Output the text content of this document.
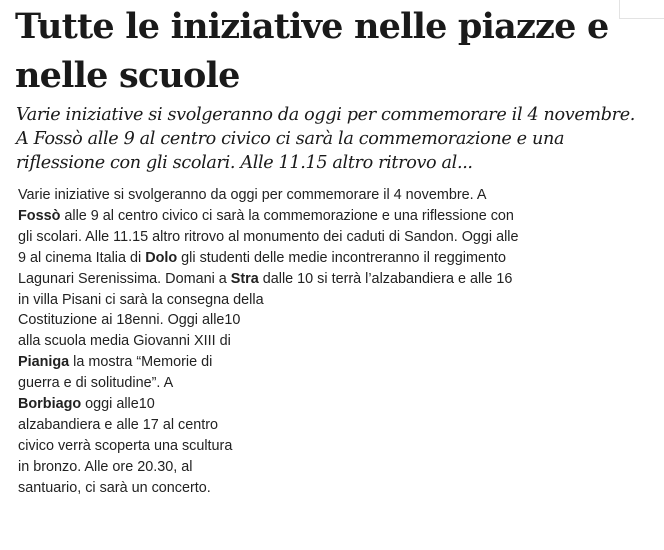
Tutte le iniziative nelle piazze e
nelle scuole

Varie iniziative si svolgeranno da oggi per commemorare il 4 novembre.
A Fossò alle 9 al centro civico ci sarà la commemorazione e una
riflessione con gli scolari. Alle 11.15 altro ritrovo al...

Varie iniziative si svolgeranno da oggi per commemorare il 4 novembre. A
Fossò alle 9 al centro civico ci sarà la commemorazione e una riflessione con
gli scolari. Alle 11.15 altro ritrovo al monumento dei caduti di Sandon. Oggi alle
9 al cinema Italia di Dolo gli studenti delle medie incontreranno il reggimento
Lagunari Serenissima. Domani a Stra dalle 10 si terrà l’alzabandiera e alle 16
in villa Pisani ci sarà la consegna della
Costituzione ai 18enni. Oggi alle10
alla scuola media Giovanni XIII di
Pianiga la mostra “Memorie di
guerra e di solitudine”. A
Borbiago oggi alle10
alzabandiera e alle 17 al centro
civico verrà scoperta una scultura
in bronzo. Alle ore 20.30, al
santuario, ci sarà un concerto.
